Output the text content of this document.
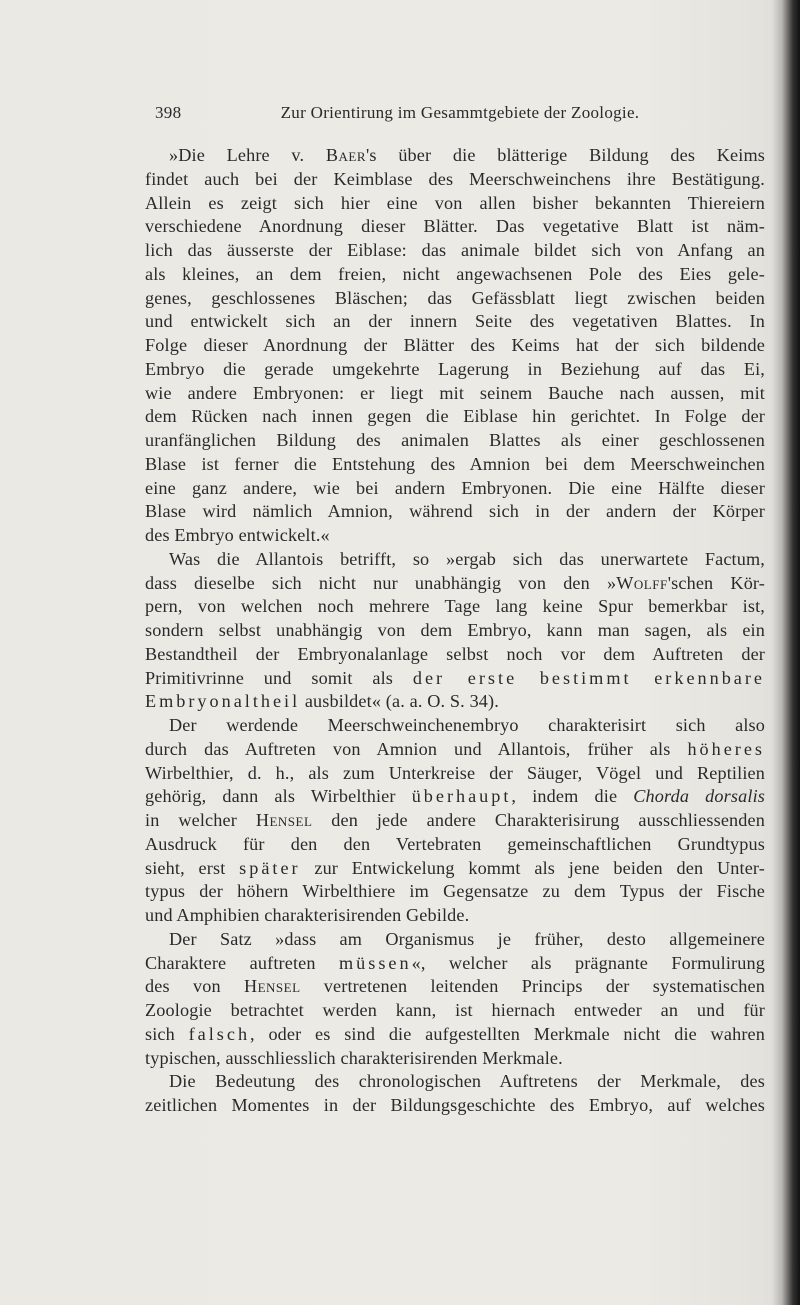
398	Zur Orientirung im Gesammtgebiete der Zoologie.
»Die Lehre v. Baer's über die blätterige Bildung des Keims
findet auch bei der Keimblase des Meerschweinchens ihre Bestätigung.
Allein es zeigt sich hier eine von allen bisher bekannten Thiereiern
verschiedene Anordnung dieser Blätter. Das vegetative Blatt ist näm-
lich das äusserste der Eiblase: das animale bildet sich von Anfang an
als kleines, an dem freien, nicht angewachsenen Pole des Eies gele-
genes, geschlossenes Bläschen; das Gefässblatt liegt zwischen beiden
und entwickelt sich an der innern Seite des vegetativen Blattes. In
Folge dieser Anordnung der Blätter des Keims hat der sich bildende
Embryo die gerade umgekehrte Lagerung in Beziehung auf das Ei,
wie andere Embryonen: er liegt mit seinem Bauche nach aussen, mit
dem Rücken nach innen gegen die Eiblase hin gerichtet. In Folge der
uranfänglichen Bildung des animalen Blattes als einer geschlossenen
Blase ist ferner die Entstehung des Amnion bei dem Meerschweinchen
eine ganz andere, wie bei andern Embryonen. Die eine Hälfte dieser
Blase wird nämlich Amnion, während sich in der andern der Körper
des Embryo entwickelt.«
Was die Allantois betrifft, so »ergab sich das unerwartete Factum,
dass dieselbe sich nicht nur unabhängig von den »Wolff'schen Kör-
pern, von welchen noch mehrere Tage lang keine Spur bemerkbar ist,
sondern selbst unabhängig von dem Embryo, kann man sagen, als ein
Bestandtheil der Embryonalanlage selbst noch vor dem Auftreten der
Primitivrinne und somit als der erste bestimmt erkennbare
Embryonaltheil ausbildet« (a. a. O. S. 34).
Der werdende Meerschweinchenembryo charakterisirt sich also
durch das Auftreten von Amnion und Allantois, früher als höheres
Wirbelthier, d. h., als zum Unterkreise der Säuger, Vögel und Reptilien
gehörig, dann als Wirbelthier überhaupt, indem die Chorda dorsalis
in welcher Hensel den jede andere Charakterisirung ausschliessenden
Ausdruck für den den Vertebraten gemeinschaftlichen Grundtypus
sieht, erst später zur Entwickelung kommt als jene beiden den Unter-
typus der höhern Wirbelthiere im Gegensatze zu dem Typus der Fische
und Amphibien charakterisirenden Gebilde.
Der Satz »dass am Organismus je früher, desto allgemeinere
Charaktere auftreten müssen«, welcher als prägnante Formulirung
des von Hensel vertretenen leitenden Princips der systematischen
Zoologie betrachtet werden kann, ist hiernach entweder an und für
sich falsch, oder es sind die aufgestellten Merkmale nicht die wahren
typischen, ausschliesslich charakterisirenden Merkmale.
Die Bedeutung des chronologischen Auftretens der Merkmale, des
zeitlichen Momentes in der Bildungsgeschichte des Embryo, auf welches
